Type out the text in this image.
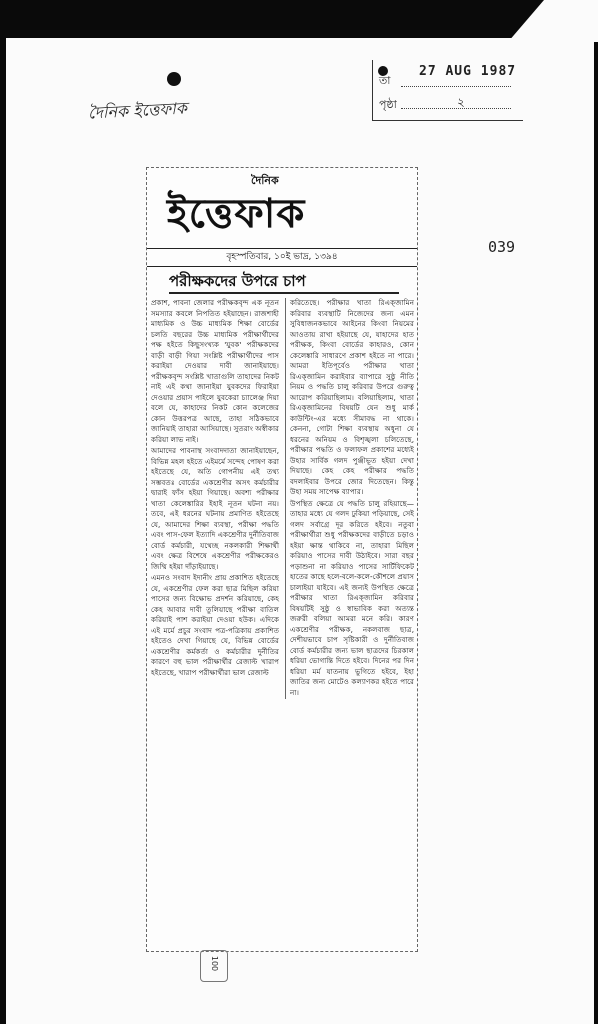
দৈনিক ইত্তেফাক
তা
27 AUG 1987
পৃষ্ঠা	২
039
দৈনিক
ইত্তেফাক
বৃহস্পতিবার, ১০ই ভাদ্র, ১৩৯৪
পরীক্ষকদের উপরে চাপ

প্রকাশ, পাবনা জেলার পরীক্ষকবৃন্দ এক নূতন সমস্যার কবলে নিপতিত হইয়াছেন। রাজশাহী মাধ্যমিক ও উচ্চ মাধ্যমিক শিক্ষা বোর্ডের চলতি বছরের উচ্চ মাধ্যমিক পরীক্ষার্থীদের পক্ষ হইতে কিছুসংখ্যক 'যুবক' পরীক্ষকদের বাড়ী বাড়ী গিয়া সংশ্লিষ্ট পরীক্ষার্থীদের পাস করাইয়া দেওয়ার দাবী জানাইয়াছে। পরীক্ষকবৃন্দ সংশ্লিষ্ট খাতাগুলি তাহাদের নিকট নাই এই কথা জানাইয়া যুবকদের ফিরাইয়া দেওয়ার প্রয়াস পাইলে যুবকেরা চ্যালেঞ্জ দিয়া বলে যে, কাহাদের নিকট কোন কলেজের কোন উত্তরপত্র আছে, তাহা সঠিকভাবে জানিয়াই তাহারা আসিয়াছে। সুতরাং অস্বীকার করিয়া লাভ নাই।

আমাদের পাবনাস্থ সংবাদদাতা জানাইয়াছেন, বিভিন্ন মহল হইতে এইমর্মে সন্দেহ পোষণ করা হইতেছে যে, অতি গোপনীয় এই তথ্য সম্ভবতঃ বোর্ডের একশ্রেণীর অসৎ কর্মচারীর দ্বারাই ফাঁস হইয়া গিয়াছে। অবশ্য পরীক্ষার খাতা কেলেঙ্কারির ইহাই নূতন ঘটনা নয়। তবে, এই ধরনের ঘটনায় প্রমাণিত হইতেছে যে, আমাদের শিক্ষা ব্যবস্থা, পরীক্ষা পদ্ধতি এবং পাস-ফেল ইত্যাদি একশ্রেণীর দুর্নীতিবাজ বোর্ড কর্মচারী, যথেচ্ছ নকলকারী শিক্ষার্থী এবং ক্ষেত্র বিশেষে একশ্রেণীর পরীক্ষকেরও জিম্মি হইয়া দাঁড়াইয়াছে।

এমনও সংবাদ ইদানীং প্রায় প্রকাশিত হইতেছে যে, একশ্রেণীর ফেল করা ছাত্র মিছিল করিয়া পাসের জন্য বিক্ষোভ প্রদর্শন করিয়াছে, কেহ কেহ আবার দাবী তুলিয়াছে পরীক্ষা বাতিল করিয়াই পাশ করাইয়া দেওয়া হউক। এদিকে এই মর্মে প্রচুর সংবাদ পত্র-পত্রিকায় প্রকাশিত হইতেও দেখা গিয়াছে যে, বিভিন্ন বোর্ডের একশ্রেণীর কর্মকর্তা ও কর্মচারীর দুর্নীতির কারণে বহু ভাল পরীক্ষার্থীর রেজাল্ট খারাপ হইতেছে, খারাপ পরীক্ষার্থীরা ভাল রেজাল্ট

করিতেছে। পরীক্ষার খাতা রিএক্জামিন করিবার ব্যবস্থাটি নিজেদের জন্য এমন সুবিধাজনকভাবে আইনের কিংবা নিয়মের আওতায় রাখা হইয়াছে যে, যাহাদের হাত পরীক্ষক, কিংবা বোর্ডের কাহারও, কোন কেলেঙ্কারি সাধারণে প্রকাশ হইতে না পারে। আমরা ইতিপূর্বেও পরীক্ষার খাতা রিএক্জামিন করাইবার ব্যাপারে সুষ্ঠু নীতি নিয়ম ও পদ্ধতি চালু করিবার উপরে গুরুত্ব আরোপ করিয়াছিলাম। বলিয়াছিলাম, খাতা রিএক্জামিনের বিষয়টি যেন শুধু মার্ক কাউন্টিং-এর মধ্যে সীমাবদ্ধ না থাকে। কেননা, গোটা শিক্ষা ব্যবস্থায় অধুনা যে ধরনের অনিয়ম ও বিশৃঙ্খলা চলিতেছে, পরীক্ষার পদ্ধতি ও ফলাফল প্রকাশের মধ্যেই উহার সার্বিক গলদ পুঞ্জীভূত হইয়া দেখা দিয়াছে। কেহ কেহ পরীক্ষার পদ্ধতি বদলাইবার উপরে জোর দিতেছেন। কিন্তু উহা সময় সাপেক্ষ ব্যাপার।

উপস্থিত ক্ষেত্রে যে পদ্ধতি চালু রহিয়াছে—তাহার মধ্যে যে গলদ ঢুকিয়া পড়িয়াছে, সেই গলদ সর্বাগ্রে দূর করিতে হইবে। নতুবা পরীক্ষার্থীরা শুধু পরীক্ষকদের বাড়ীতে চড়াও হইয়া ক্ষান্ত থাকিবে না, তাহারা মিছিল করিয়াও পাসের দাবী উঠাইবে। সারা বছর পড়াশুনা না করিয়াও পাসের সার্টিফিকেট হাতের কাছে হলে-বলে-কলে-কৌশলে প্রয়াস চালাইয়া যাইবে। এই জন্যই উপস্থিত ক্ষেত্রে পরীক্ষার খাতা রিএক্জামিন করিবার বিষয়টিই সুষ্ঠু ও স্বাভাবিক করা অত্যন্ত জরুরী বলিয়া আমরা মনে করি। কারণ একশ্রেণীর পরীক্ষক, নকলবাজ ছাত্র, দেশীয়ভাবে চাপ সৃষ্টিকারী ও দুর্নীতিবাজ বোর্ড কর্মচারীর জন্য ভাল ছাত্রদের চিরকাল ধরিয়া ভোগান্তি দিতে হইবে। দিনের পর দিন ধরিয়া মর্ম যাতনায় ভুগিতে হইবে, ইহা জাতির জন্য মোটেও কল্যাণকর হইতে পারে না।

100
